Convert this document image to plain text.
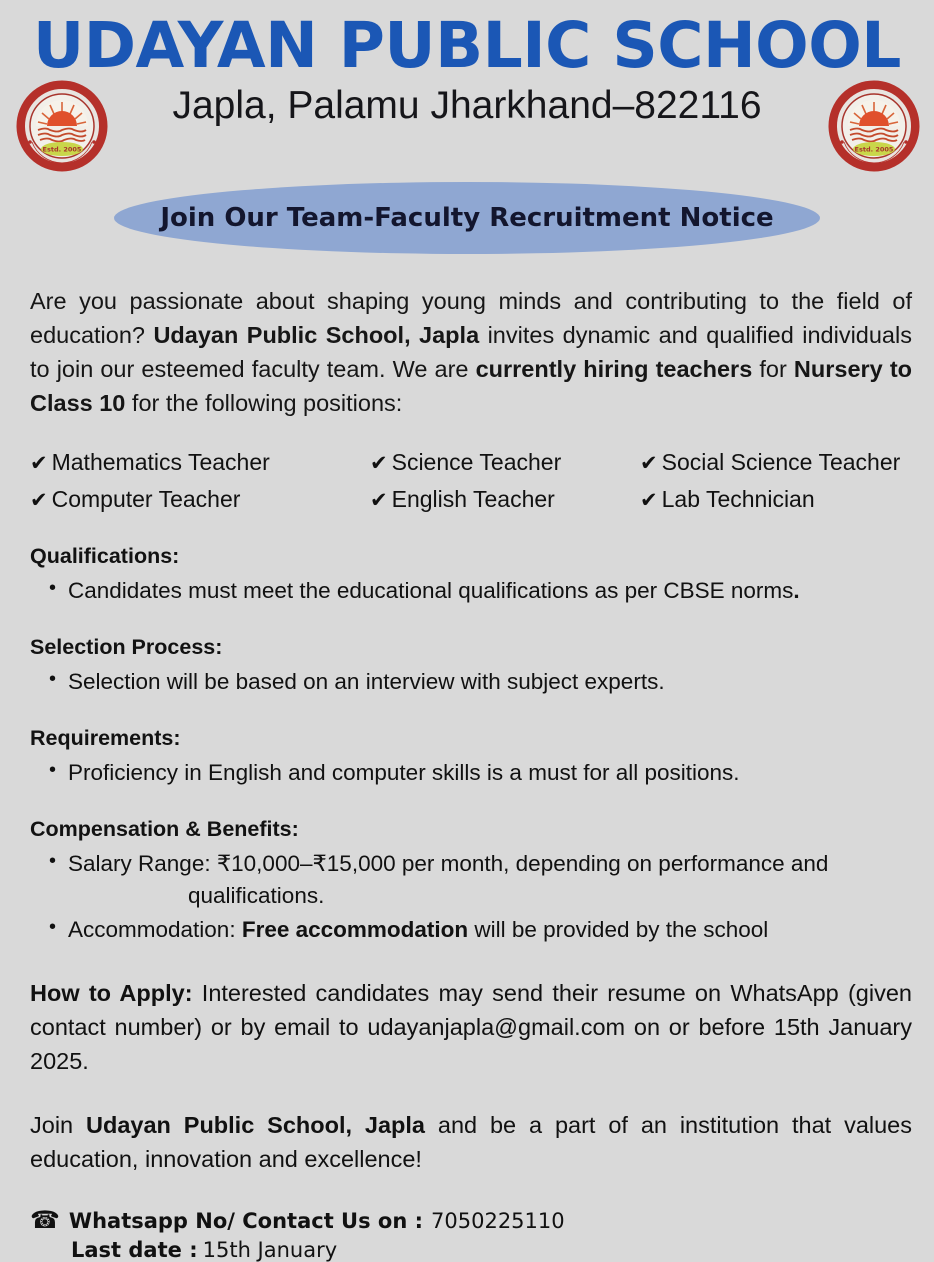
Estd. 2005	Estd. 2005
UDAYAN PUBLIC SCHOOL
Japla, Palamu Jharkhand–822116
Join Our Team-Faculty Recruitment Notice

Are you passionate about shaping young minds and contributing to the field of education? Udayan Public School, Japla invites dynamic and qualified individuals to join our esteemed faculty team. We are currently hiring teachers for Nursery to Class 10 for the following positions:

✔ Mathematics Teacher	✔ Science Teacher	✔ Social Science Teacher
✔ Computer Teacher	✔ English Teacher	✔ Lab Technician
Qualifications:
• Candidates must meet the educational qualifications as per CBSE norms.
Selection Process:
• Selection will be based on an interview with subject experts.
Requirements:
• Proficiency in English and computer skills is a must for all positions.
Compensation & Benefits:
• Salary Range: ₹10,000–₹15,000 per month, depending on performance and
qualifications.
• Accommodation: Free accommodation will be provided by the school

How to Apply: Interested candidates may send their resume on WhatsApp (given contact number) or by email to udayanjapla@gmail.com on or before 15th January 2025.

Join Udayan Public School, Japla and be a part of an institution that values education, innovation and excellence!

☎ Whatsapp No/ Contact Us on : 7050225110
Last date : 15th January
